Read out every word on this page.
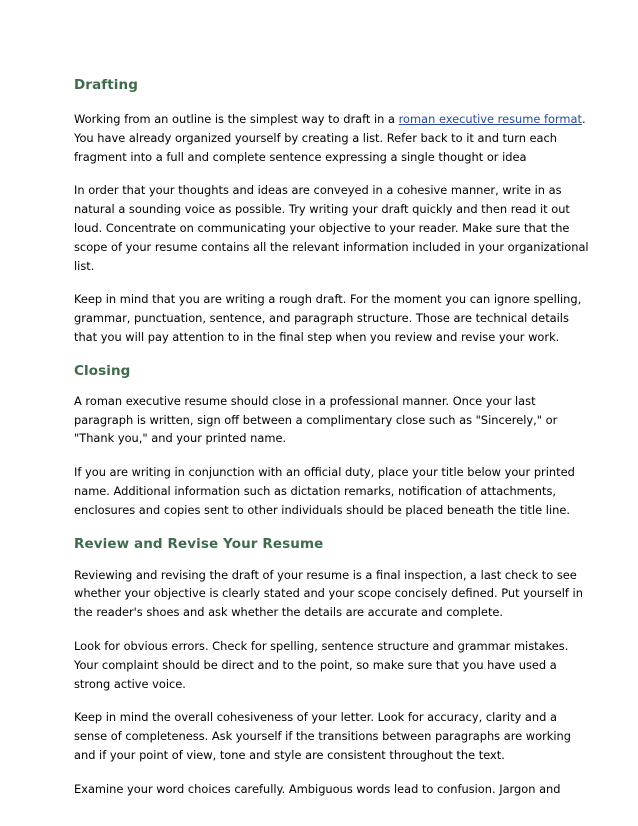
Drafting

Working from an outline is the simplest way to draft in a roman executive resume format.
You have already organized yourself by creating a list. Refer back to it and turn each
fragment into a full and complete sentence expressing a single thought or idea

In order that your thoughts and ideas are conveyed in a cohesive manner, write in as
natural a sounding voice as possible. Try writing your draft quickly and then read it out
loud. Concentrate on communicating your objective to your reader. Make sure that the
scope of your resume contains all the relevant information included in your organizational
list.

Keep in mind that you are writing a rough draft. For the moment you can ignore spelling,
grammar, punctuation, sentence, and paragraph structure. Those are technical details
that you will pay attention to in the final step when you review and revise your work.

Closing

A roman executive resume should close in a professional manner. Once your last
paragraph is written, sign off between a complimentary close such as "Sincerely," or
"Thank you," and your printed name.

If you are writing in conjunction with an official duty, place your title below your printed
name. Additional information such as dictation remarks, notification of attachments,
enclosures and copies sent to other individuals should be placed beneath the title line.

Review and Revise Your Resume

Reviewing and revising the draft of your resume is a final inspection, a last check to see
whether your objective is clearly stated and your scope concisely defined. Put yourself in
the reader's shoes and ask whether the details are accurate and complete.

Look for obvious errors. Check for spelling, sentence structure and grammar mistakes.
Your complaint should be direct and to the point, so make sure that you have used a
strong active voice.

Keep in mind the overall cohesiveness of your letter. Look for accuracy, clarity and a
sense of completeness. Ask yourself if the transitions between paragraphs are working
and if your point of view, tone and style are consistent throughout the text.

Examine your word choices carefully. Ambiguous words lead to confusion. Jargon and
